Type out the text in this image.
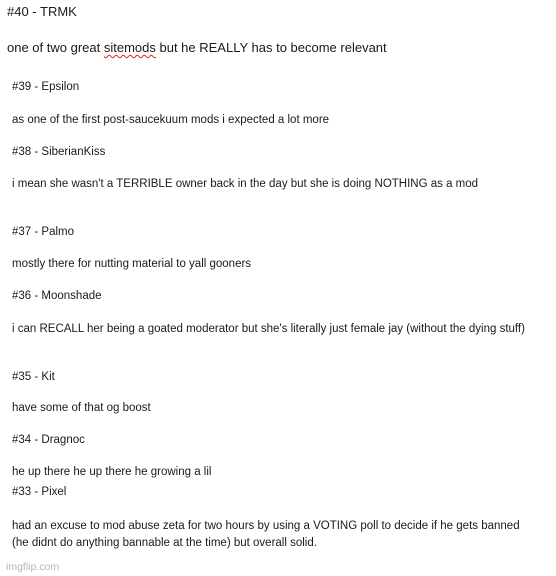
#40 - TRMK
one of two great sitemods but he REALLY has to become relevant
#39 - Epsilon
as one of the first post-saucekuum mods i expected a lot more
#38 - SiberianKiss
i mean she wasn't a TERRIBLE owner back in the day but she is doing NOTHING as a mod
#37 - Palmo
mostly there for nutting material to yall gooners
#36 - Moonshade
i can RECALL her being a goated moderator but she's literally just female jay (without the dying stuff)
#35 - Kit
have some of that og boost
#34 - Dragnoc
he up there he up there he growing a lil
#33 - Pixel
had an excuse to mod abuse zeta for two hours by using a VOTING poll to decide if he gets banned (he didnt do anything bannable at the time) but overall solid.
imgflip.com
